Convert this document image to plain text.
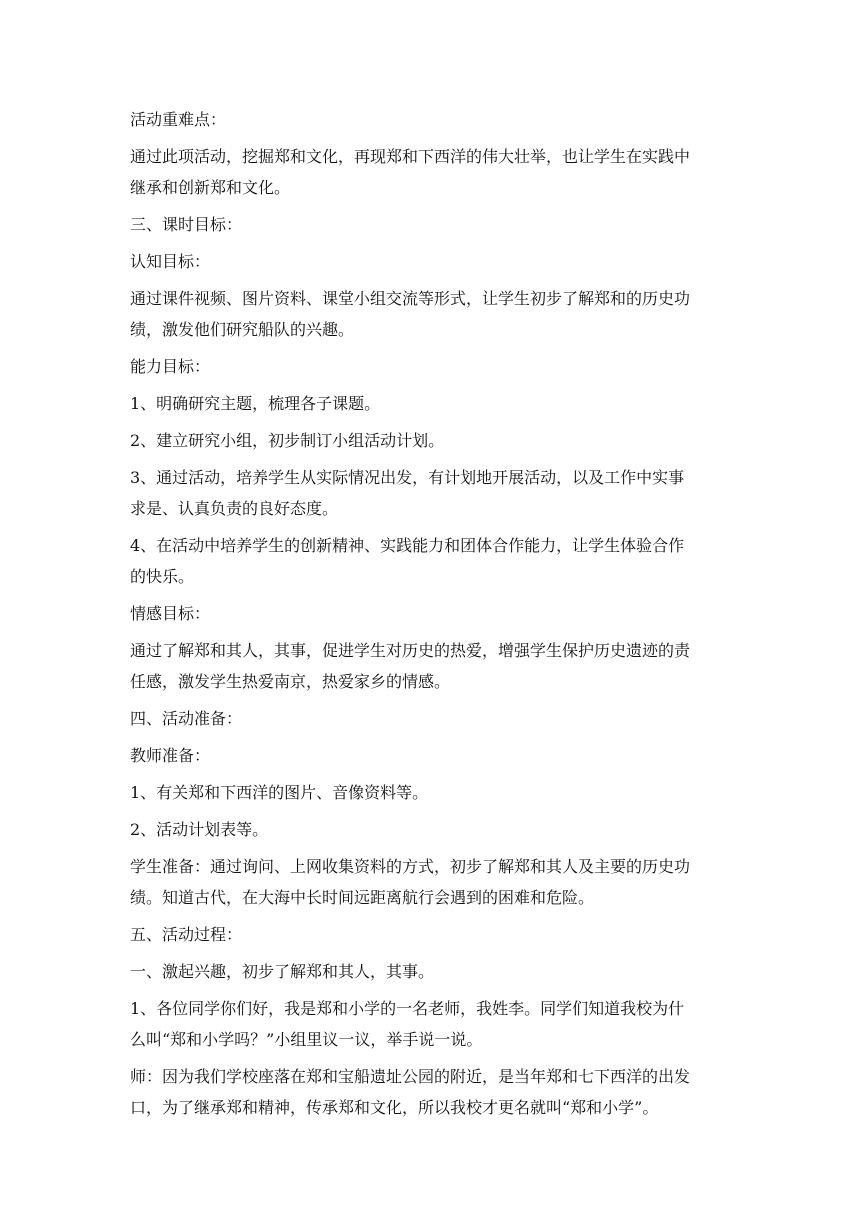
活动重难点：
通过此项活动，挖掘郑和文化，再现郑和下西洋的伟大壮举，也让学生在实践中
继承和创新郑和文化。
三、课时目标：
认知目标：
通过课件视频、图片资料、课堂小组交流等形式，让学生初步了解郑和的历史功
绩，激发他们研究船队的兴趣。
能力目标：
1、明确研究主题，梳理各子课题。
2、建立研究小组，初步制订小组活动计划。
3、通过活动，培养学生从实际情况出发，有计划地开展活动，以及工作中实事
求是、认真负责的良好态度。
4、在活动中培养学生的创新精神、实践能力和团体合作能力，让学生体验合作
的快乐。
情感目标：
通过了解郑和其人，其事，促进学生对历史的热爱，增强学生保护历史遗迹的责
任感，激发学生热爱南京，热爱家乡的情感。
四、活动准备：
教师准备：
1、有关郑和下西洋的图片、音像资料等。
2、活动计划表等。
学生准备：通过询问、上网收集资料的方式，初步了解郑和其人及主要的历史功
绩。知道古代，在大海中长时间远距离航行会遇到的困难和危险。
五、活动过程：
一、激起兴趣，初步了解郑和其人，其事。
1、各位同学你们好，我是郑和小学的一名老师，我姓李。同学们知道我校为什
么叫“郑和小学吗？”小组里议一议，举手说一说。
师：因为我们学校座落在郑和宝船遗址公园的附近，是当年郑和七下西洋的出发
口，为了继承郑和精神，传承郑和文化，所以我校才更名就叫“郑和小学”。
